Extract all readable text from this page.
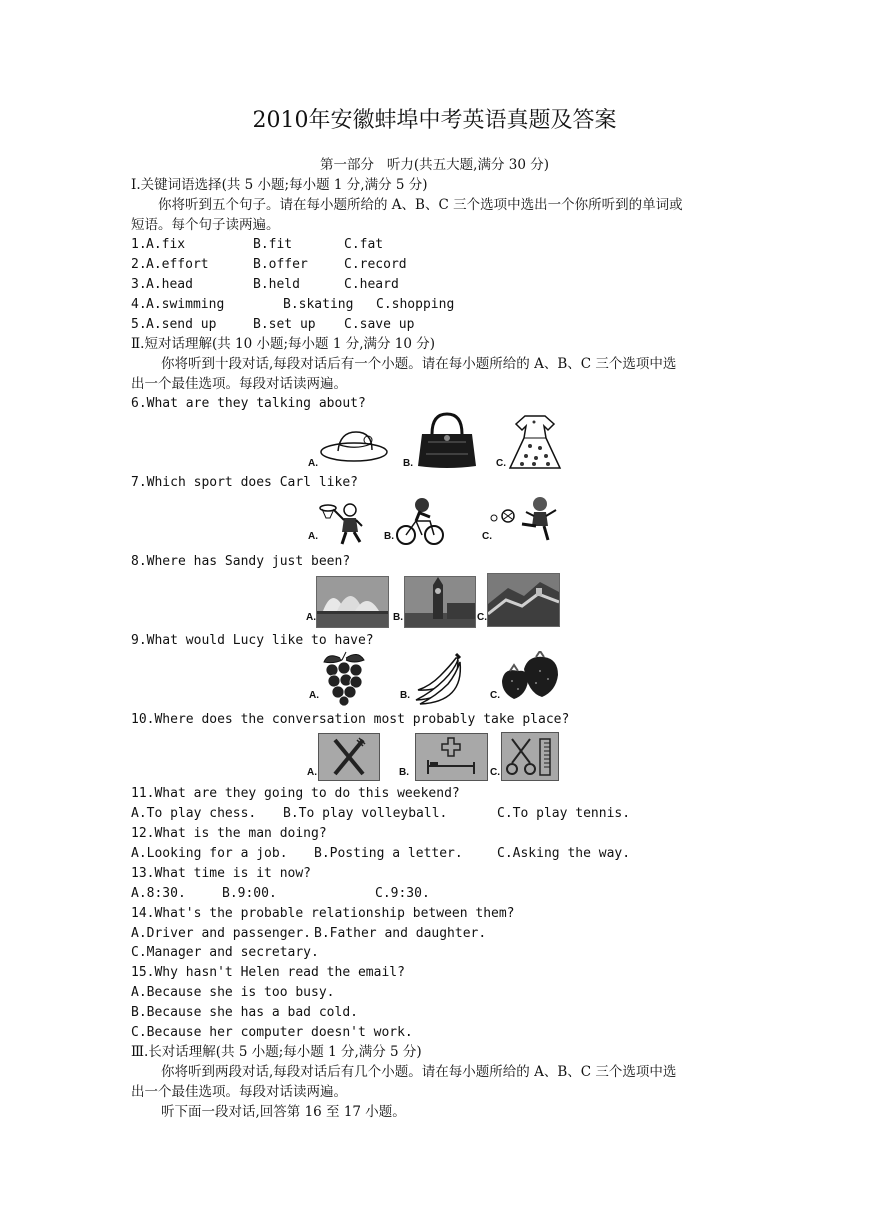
2010年安徽蚌埠中考英语真题及答案
第一部分   听力(共五大题,满分 30 分)
Ⅰ.关键词语选择(共 5 小题;每小题 1 分,满分 5 分)
你将听到五个句子。请在每小题所给的 A、B、C 三个选项中选出一个你所听到的单词或
短语。每个句子读两遍。
1. A.fix	B.fit	C.fat
2. A.effort	B.offer	C.record
3. A.head	B.held	C.heard
4. A.swimming	B.skating C.shopping
5. A.send up	B.set up C.save up
Ⅱ.短对话理解(共 10 小题;每小题 1 分,满分 10 分)
你将听到十段对话,每段对话后有一个小题。请在每小题所给的 A、B、C 三个选项中选
出一个最佳选项。每段对话读两遍。
6.What are they talking about?
A.	B.	C.
7.Which sport does Carl like?
A.	B.	C.
8.Where has Sandy just been?
A.	B.	C.
9.What would Lucy like to have?
A.	B.	C.
10.Where does the conversation most probably take place?
A.	B.	C.
11.What are they going to do this weekend?
A.To play chess. B.To play volleyball.	C.To play tennis.
12.What is the man doing?
A.Looking for a job. B.Posting a letter.	C.Asking the way.
13.What time is it now?
A.8:30.	B.9:00.	C.9:30.
14.What's the probable relationship between them?
A.Driver and passenger. B.Father and daughter.
C.Manager and secretary.
15.Why hasn't Helen read the email?
A.Because she is too busy.
B.Because she has a bad cold.
C.Because her computer doesn't work.
Ⅲ.长对话理解(共 5 小题;每小题 1 分,满分 5 分)
你将听到两段对话,每段对话后有几个小题。请在每小题所给的 A、B、C 三个选项中选
出一个最佳选项。每段对话读两遍。
听下面一段对话,回答第 16 至 17 小题。
